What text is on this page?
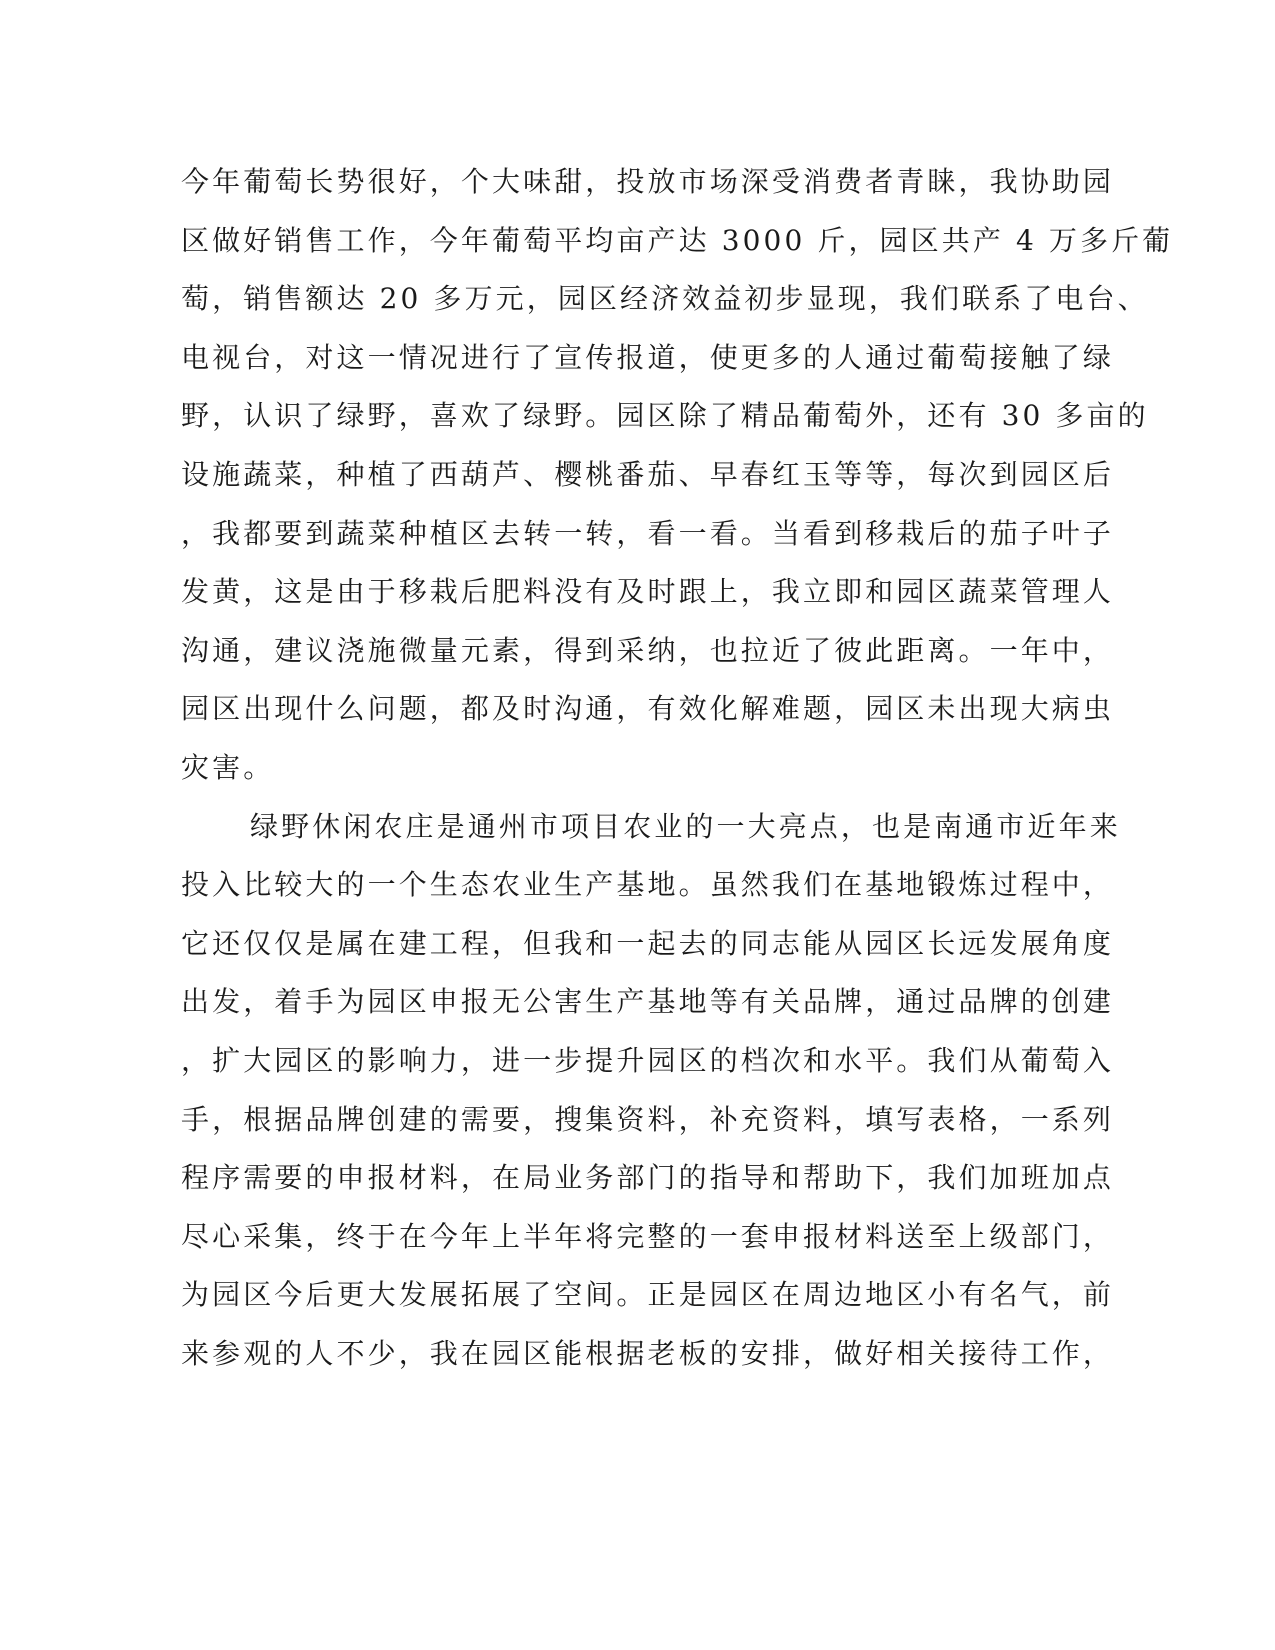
今年葡萄长势很好，个大味甜，投放市场深受消费者青睐，我协助园
区做好销售工作，今年葡萄平均亩产达 3000 斤，园区共产 4 万多斤葡
萄，销售额达 20 多万元，园区经济效益初步显现，我们联系了电台、
电视台，对这一情况进行了宣传报道，使更多的人通过葡萄接触了绿
野，认识了绿野，喜欢了绿野。园区除了精品葡萄外，还有 30 多亩的
设施蔬菜，种植了西葫芦、樱桃番茄、早春红玉等等，每次到园区后
，我都要到蔬菜种植区去转一转，看一看。当看到移栽后的茄子叶子
发黄，这是由于移栽后肥料没有及时跟上，我立即和园区蔬菜管理人
沟通，建议浇施微量元素，得到采纳，也拉近了彼此距离。一年中，
园区出现什么问题，都及时沟通，有效化解难题，园区未出现大病虫
灾害。
绿野休闲农庄是通州市项目农业的一大亮点，也是南通市近年来
投入比较大的一个生态农业生产基地。虽然我们在基地锻炼过程中，
它还仅仅是属在建工程，但我和一起去的同志能从园区长远发展角度
出发，着手为园区申报无公害生产基地等有关品牌，通过品牌的创建
，扩大园区的影响力，进一步提升园区的档次和水平。我们从葡萄入
手，根据品牌创建的需要，搜集资料，补充资料，填写表格，一系列
程序需要的申报材料，在局业务部门的指导和帮助下，我们加班加点
尽心采集，终于在今年上半年将完整的一套申报材料送至上级部门，
为园区今后更大发展拓展了空间。正是园区在周边地区小有名气，前
来参观的人不少，我在园区能根据老板的安排，做好相关接待工作，
